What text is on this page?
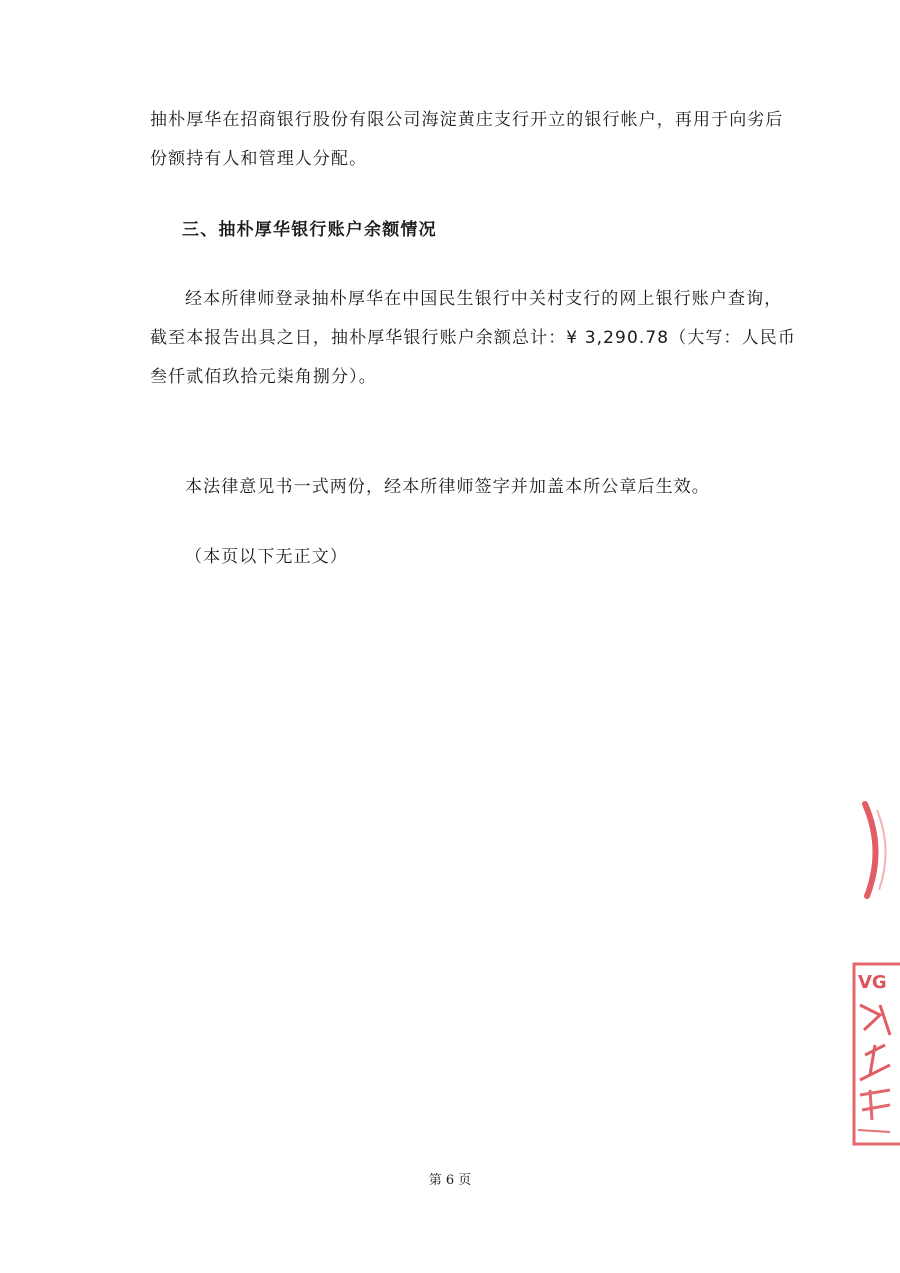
抽朴厚华在招商银行股份有限公司海淀黄庄支行开立的银行帐户，再用于向劣后
份额持有人和管理人分配。
三、抽朴厚华银行账户余额情况
经本所律师登录抽朴厚华在中国民生银行中关村支行的网上银行账户查询，
截至本报告出具之日，抽朴厚华银行账户余额总计：¥ 3,290.78（大写：人民币
叁仟贰佰玖拾元柒角捌分）。
本法律意见书一式两份，经本所律师签字并加盖本所公章后生效。
（本页以下无正文）
第 6 页
VG
